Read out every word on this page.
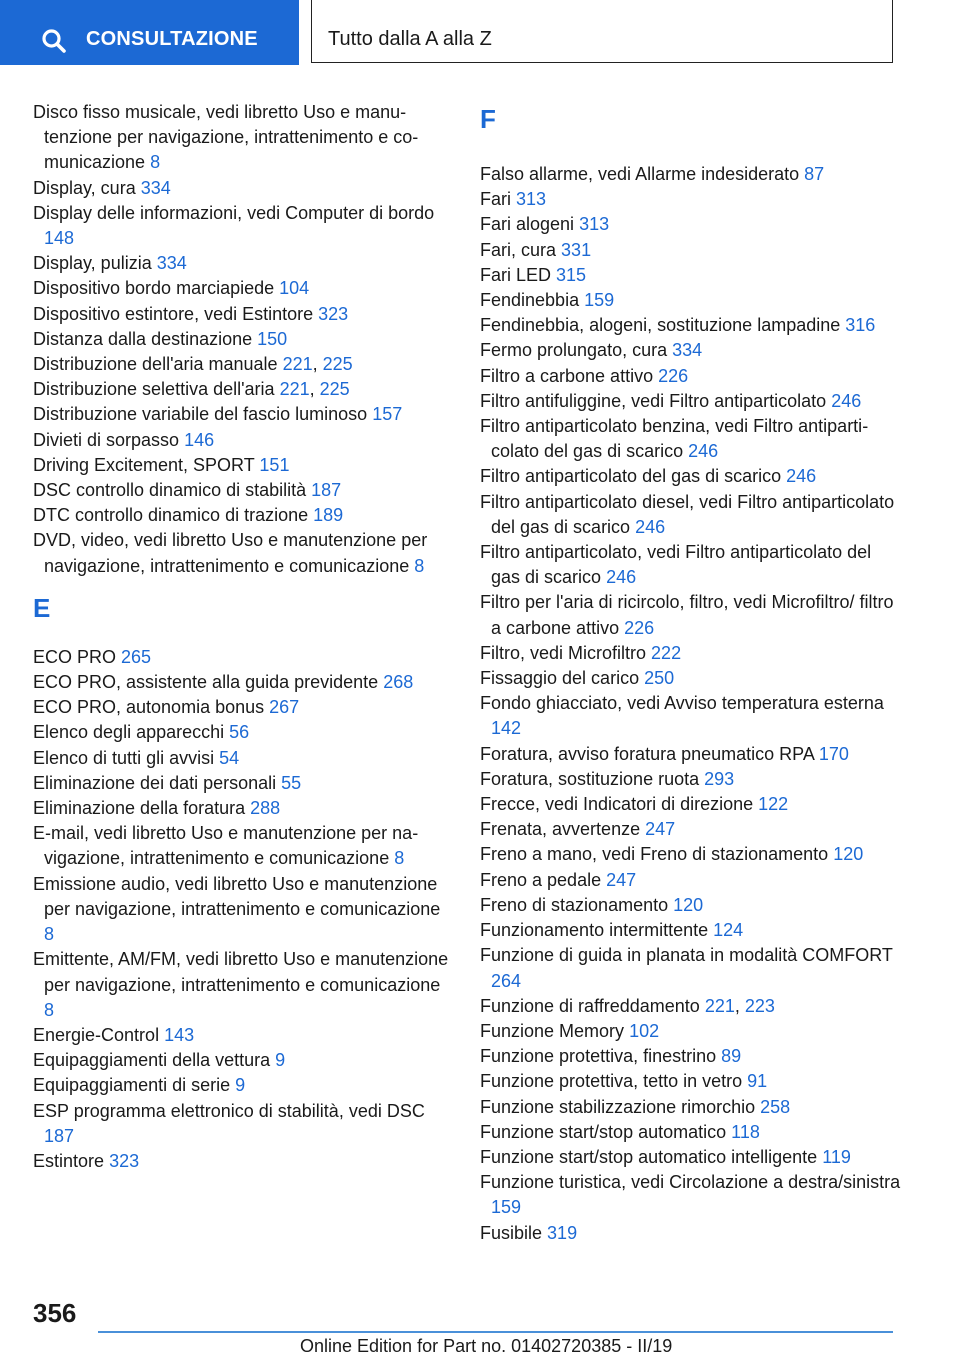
CONSULTAZIONE	Tutto dalla A alla Z

Disco fisso musicale, vedi libretto Uso e manutenzione per navigazione, intrattenimento e comunicazione 8

Display, cura 334

Display delle informazioni, vedi Computer di bordo 148

Display, pulizia 334

Dispositivo bordo marciapiede 104

Dispositivo estintore, vedi Estintore 323

Distanza dalla destinazione 150

Distribuzione dell'aria manuale 221, 225

Distribuzione selettiva dell'aria 221, 225

Distribuzione variabile del fascio luminoso 157

Divieti di sorpasso 146

Driving Excitement, SPORT 151

DSC controllo dinamico di stabilità 187

DTC controllo dinamico di trazione 189

DVD, video, vedi libretto Uso e manutenzione per navigazione, intrattenimento e comunicazione 8

E

ECO PRO 265

ECO PRO, assistente alla guida previdente 268

ECO PRO, autonomia bonus 267

Elenco degli apparecchi 56

Elenco di tutti gli avvisi 54

Eliminazione dei dati personali 55

Eliminazione della foratura 288

E-mail, vedi libretto Uso e manutenzione per navigazione, intrattenimento e comunicazione 8

Emissione audio, vedi libretto Uso e manutenzione per navigazione, intrattenimento e comunicazione 8

Emittente, AM/FM, vedi libretto Uso e manutenzione per navigazione, intrattenimento e comunicazione 8

Energie-Control 143

Equipaggiamenti della vettura 9

Equipaggiamenti di serie 9

ESP programma elettronico di stabilità, vedi DSC 187

Estintore 323

F

Falso allarme, vedi Allarme indesiderato 87

Fari 313

Fari alogeni 313

Fari, cura 331

Fari LED 315

Fendinebbia 159

Fendinebbia, alogeni, sostituzione lampadine 316

Fermo prolungato, cura 334

Filtro a carbone attivo 226

Filtro antifuliggine, vedi Filtro antiparticolato 246

Filtro antiparticolato benzina, vedi Filtro antiparticolato del gas di scarico 246

Filtro antiparticolato del gas di scarico 246

Filtro antiparticolato diesel, vedi Filtro antiparticolato del gas di scarico 246

Filtro antiparticolato, vedi Filtro antiparticolato del gas di scarico 246

Filtro per l'aria di ricircolo, filtro, vedi Microfiltro/ filtro a carbone attivo 226

Filtro, vedi Microfiltro 222

Fissaggio del carico 250

Fondo ghiacciato, vedi Avviso temperatura esterna 142

Foratura, avviso foratura pneumatico RPA 170

Foratura, sostituzione ruota 293

Frecce, vedi Indicatori di direzione 122

Frenata, avvertenze 247

Freno a mano, vedi Freno di stazionamento 120

Freno a pedale 247

Freno di stazionamento 120

Funzionamento intermittente 124

Funzione di guida in planata in modalità COMFORT 264

Funzione di raffreddamento 221, 223

Funzione Memory 102

Funzione protettiva, finestrino 89

Funzione protettiva, tetto in vetro 91

Funzione stabilizzazione rimorchio 258

Funzione start/stop automatico 118

Funzione start/stop automatico intelligente 119

Funzione turistica, vedi Circolazione a destra/sinistra 159

Fusibile 319

356
Online Edition for Part no. 01402720385 - II/19
